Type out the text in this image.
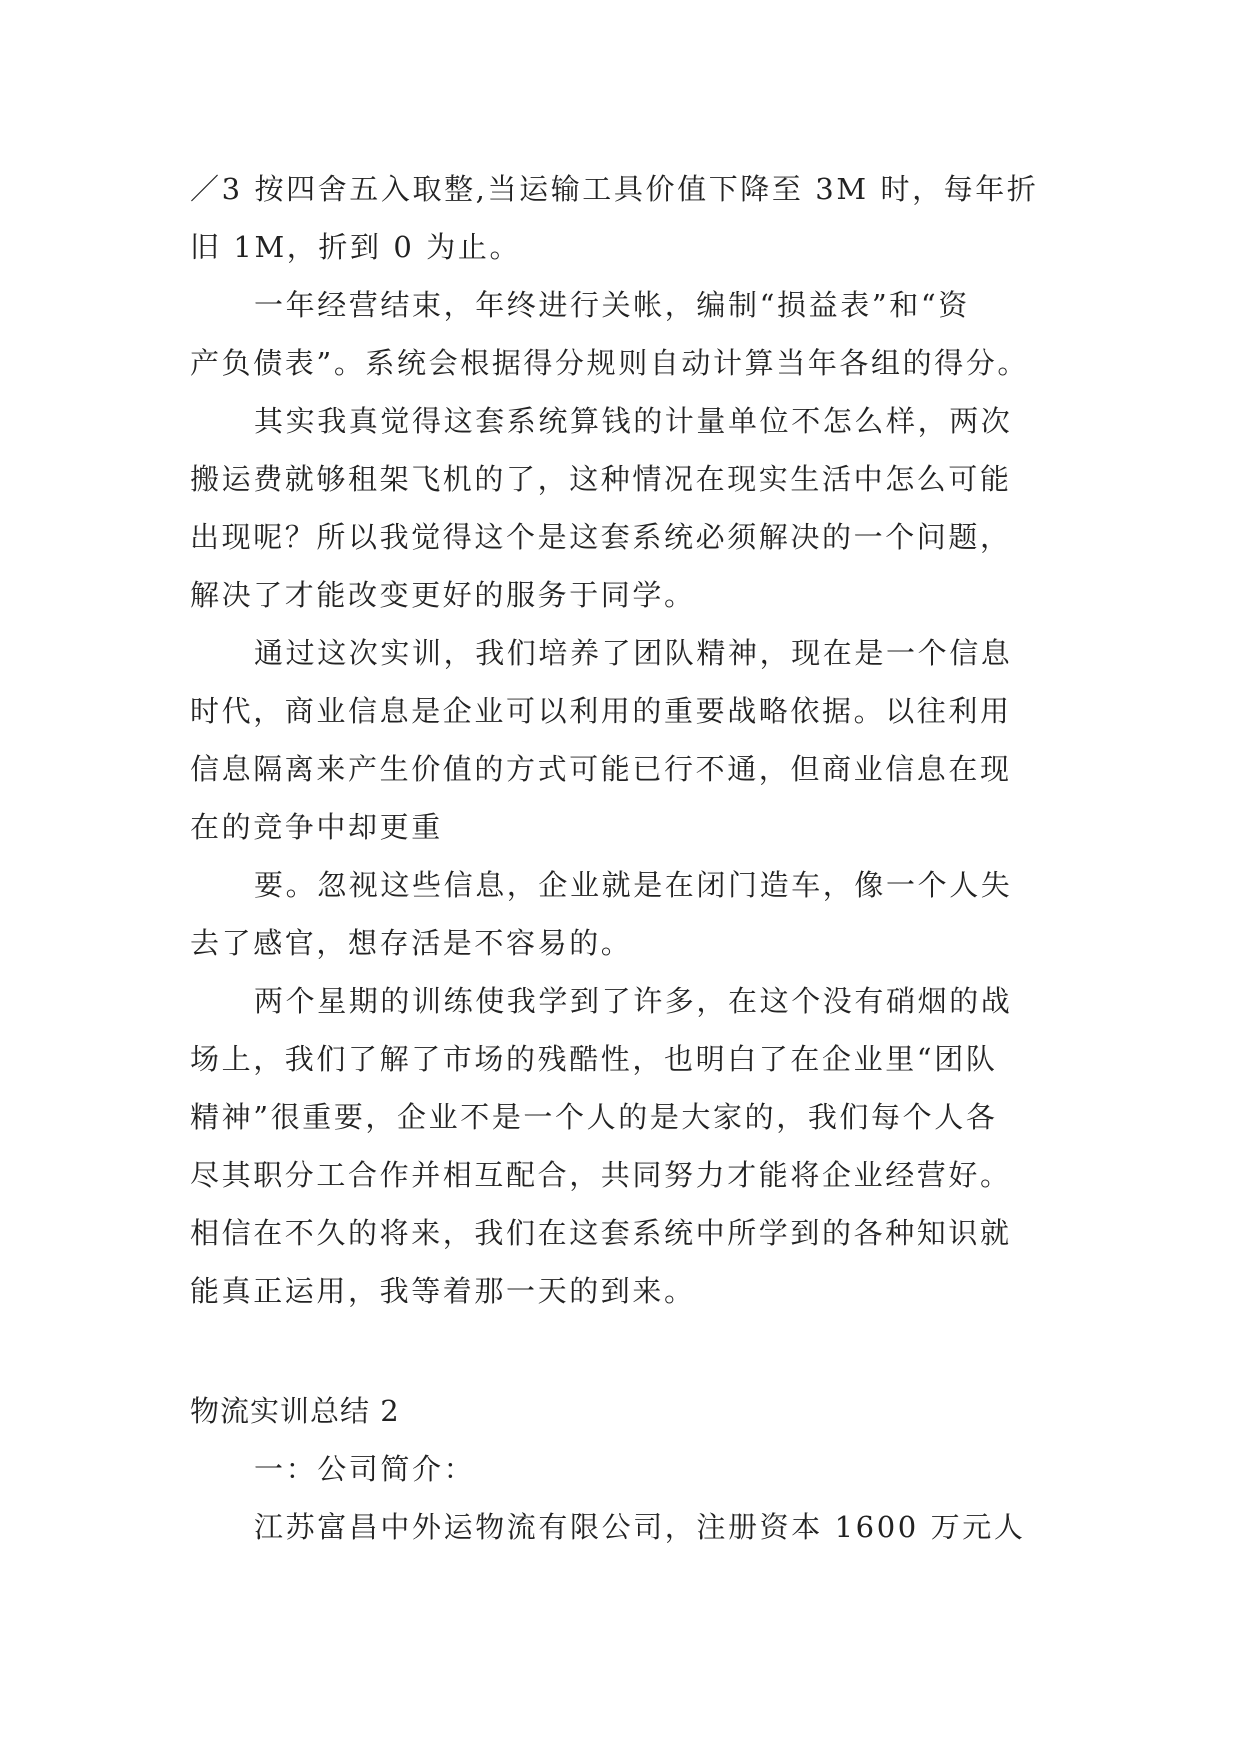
／3 按四舍五入取整,当运输工具价值下降至 3M 时，每年折
旧 1M，折到 0 为止。

一年经营结束，年终进行关帐，编制“损益表”和“资
产负债表”。系统会根据得分规则自动计算当年各组的得分。

其实我真觉得这套系统算钱的计量单位不怎么样，两次
搬运费就够租架飞机的了，这种情况在现实生活中怎么可能
出现呢？所以我觉得这个是这套系统必须解决的一个问题，
解决了才能改变更好的服务于同学。

通过这次实训，我们培养了团队精神，现在是一个信息
时代，商业信息是企业可以利用的重要战略依据。以往利用
信息隔离来产生价值的方式可能已行不通，但商业信息在现
在的竞争中却更重

要。忽视这些信息，企业就是在闭门造车，像一个人失
去了感官，想存活是不容易的。

两个星期的训练使我学到了许多，在这个没有硝烟的战
场上，我们了解了市场的残酷性，也明白了在企业里“团队
精神”很重要，企业不是一个人的是大家的，我们每个人各
尽其职分工合作并相互配合，共同努力才能将企业经营好。
相信在不久的将来，我们在这套系统中所学到的各种知识就
能真正运用，我等着那一天的到来。

物流实训总结 2

一：公司简介：

江苏富昌中外运物流有限公司，注册资本 1600 万元人
